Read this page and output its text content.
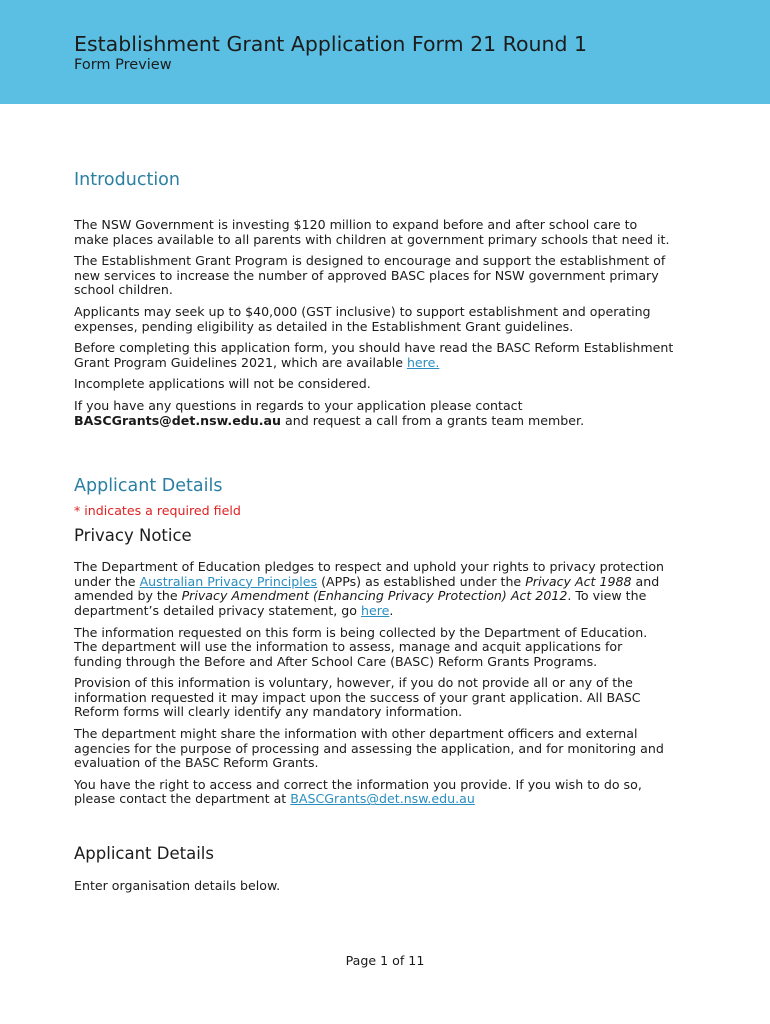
Establishment Grant Application Form 21 Round 1
Form Preview
Introduction

The NSW Government is investing $120 million to expand before and after school care to make places available to all parents with children at government primary schools that need it.

The Establishment Grant Program is designed to encourage and support the establishment of new services to increase the number of approved BASC places for NSW government primary school children.

Applicants may seek up to $40,000 (GST inclusive) to support establishment and operating expenses, pending eligibility as detailed in the Establishment Grant guidelines.

Before completing this application form, you should have read the BASC Reform Establishment Grant Program Guidelines 2021, which are available here.

Incomplete applications will not be considered.

If you have any questions in regards to your application please contact BASCGrants@det.nsw.edu.au and request a call from a grants team member.

Applicant Details
* indicates a required field
Privacy Notice

The Department of Education pledges to respect and uphold your rights to privacy protection under the Australian Privacy Principles (APPs) as established under the Privacy Act 1988 and amended by the Privacy Amendment (Enhancing Privacy Protection) Act 2012. To view the department’s detailed privacy statement, go here.

The information requested on this form is being collected by the Department of Education. The department will use the information to assess, manage and acquit applications for funding through the Before and After School Care (BASC) Reform Grants Programs.

Provision of this information is voluntary, however, if you do not provide all or any of the information requested it may impact upon the success of your grant application. All BASC Reform forms will clearly identify any mandatory information.

The department might share the information with other department officers and external agencies for the purpose of processing and assessing the application, and for monitoring and evaluation of the BASC Reform Grants.

You have the right to access and correct the information you provide. If you wish to do so, please contact the department at BASCGrants@det.nsw.edu.au

Applicant Details

Enter organisation details below.

Page 1 of 11
